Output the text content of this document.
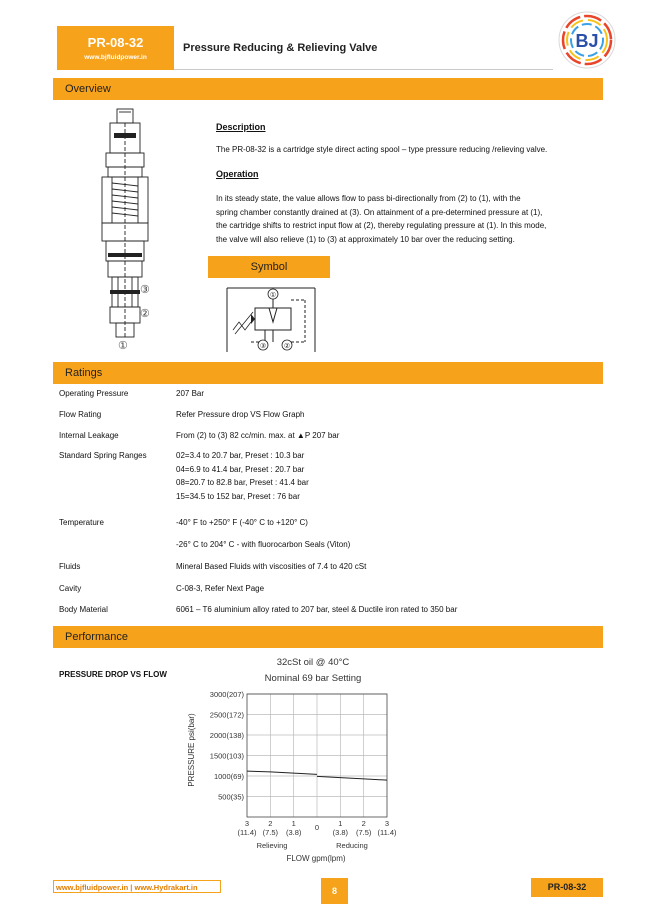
PR-08-32
www.bjfluidpower.in
Pressure Reducing & Relieving Valve	BJ
Overview
③
②
①
Description
The PR-08-32 is a cartridge style direct acting spool – type pressure reducing /relieving valve.
Operation
In its steady state, the value allows flow to pass bi-directionally from (2) to (1), with the
spring chamber constantly drained at (3). On attainment of a pre-determined pressure at (1),
the cartridge shifts to restrict input flow at (2), thereby regulating pressure at (1). In this mode,
the valve will also relieve (1) to (3) at approximately 10 bar over the reducing setting.
Symbol
①
③	②
Ratings
Operating Pressure	207 Bar
Flow Rating	Refer Pressure drop VS Flow Graph
Internal Leakage	From (2) to (3) 82 cc/min. max. at ▲P 207 bar
Standard Spring Ranges	02=3.4 to 20.7 bar, Preset : 10.3 bar
04=6.9 to 41.4 bar, Preset : 20.7 bar
08=20.7 to 82.8 bar, Preset : 41.4 bar
15=34.5 to 152 bar, Preset : 76 bar
Temperature	-40° F to +250° F (-40° C to +120° C)
-26° C to 204° C - with fluorocarbon Seals (Viton)
Fluids	Mineral Based Fluids with viscosities of 7.4 to 420 cSt
Cavity	C-08-3, Refer Next Page
Body Material	6061 – T6 aluminium alloy rated to 207 bar, steel & Ductile iron rated to 350 bar
Performance
PRESSURE DROP VS FLOW
32cSt oil @ 40°C
Nominal 69 bar Setting
PRESSURE psi(bar)
500(35)
1000(69)
1500(103)
2000(138)
2500(172)
3000(207)
3
(11.4)
2
(7.5)
1
(3.8)
0	1
(3.8)
2
(7.5)
3
(11.4)
Relieving	Reducing
FLOW gpm(lpm)
www.bjfluidpower.in | www.Hydrakart.in	8	PR-08-32
